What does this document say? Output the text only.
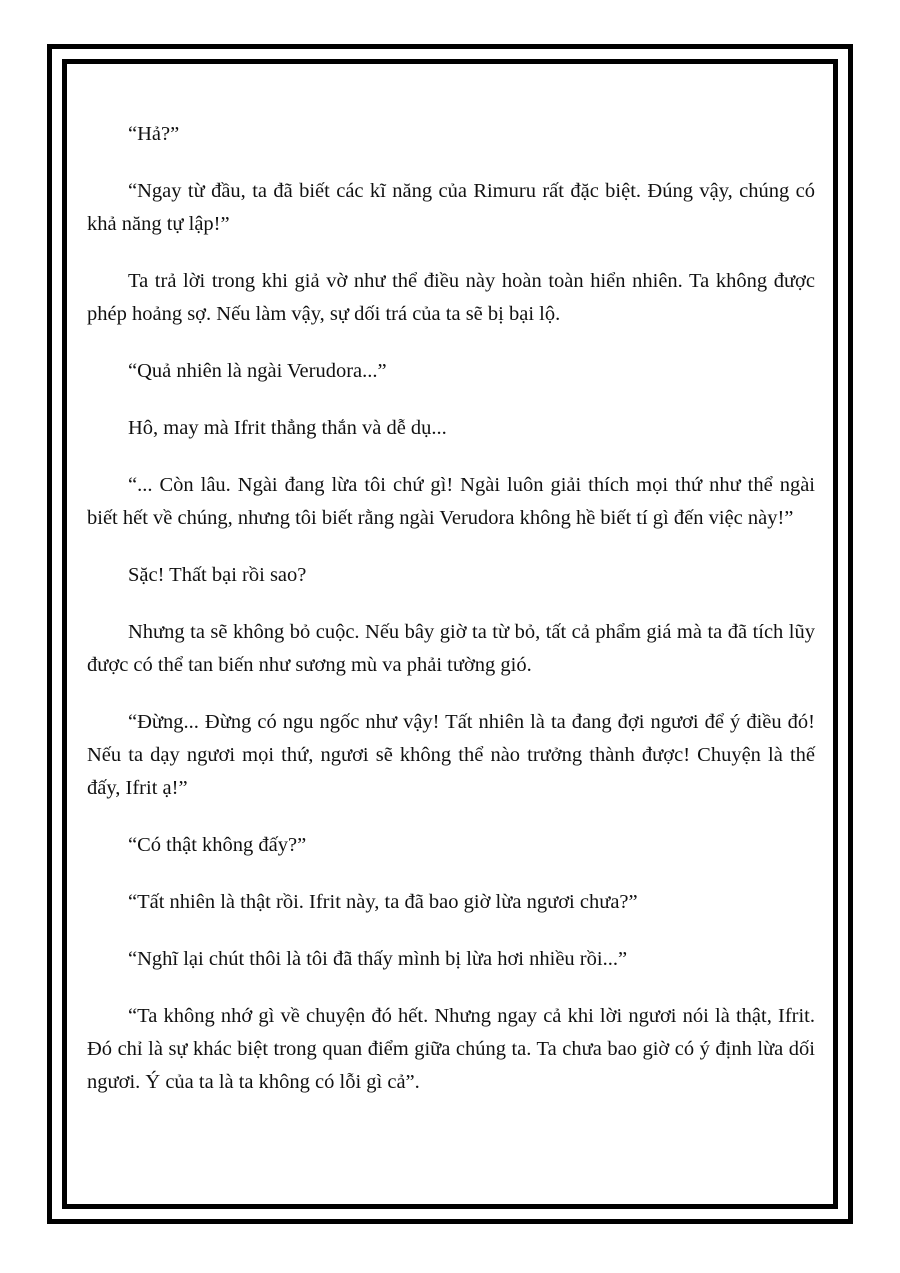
“Hả?”

“Ngay từ đầu, ta đã biết các kĩ năng của Rimuru rất đặc biệt. Đúng vậy, chúng có khả năng tự lập!”

Ta trả lời trong khi giả vờ như thể điều này hoàn toàn hiển nhiên. Ta không được phép hoảng sợ. Nếu làm vậy, sự dối trá của ta sẽ bị bại lộ.

“Quả nhiên là ngài Verudora...”

Hô, may mà Ifrit thẳng thắn và dễ dụ...

“... Còn lâu. Ngài đang lừa tôi chứ gì! Ngài luôn giải thích mọi thứ như thể ngài biết hết về chúng, nhưng tôi biết rằng ngài Verudora không hề biết tí gì đến việc này!”

Sặc! Thất bại rồi sao?

Nhưng ta sẽ không bỏ cuộc. Nếu bây giờ ta từ bỏ, tất cả phẩm giá mà ta đã tích lũy được có thể tan biến như sương mù va phải tường gió.

“Đừng... Đừng có ngu ngốc như vậy! Tất nhiên là ta đang đợi ngươi để ý điều đó! Nếu ta dạy ngươi mọi thứ, ngươi sẽ không thể nào trưởng thành được! Chuyện là thế đấy, Ifrit ạ!”

“Có thật không đấy?”

“Tất nhiên là thật rồi. Ifrit này, ta đã bao giờ lừa ngươi chưa?”

“Nghĩ lại chút thôi là tôi đã thấy mình bị lừa hơi nhiều rồi...”

“Ta không nhớ gì về chuyện đó hết. Nhưng ngay cả khi lời ngươi nói là thật, Ifrit. Đó chỉ là sự khác biệt trong quan điểm giữa chúng ta. Ta chưa bao giờ có ý định lừa dối ngươi. Ý của ta là ta không có lỗi gì cả”.
